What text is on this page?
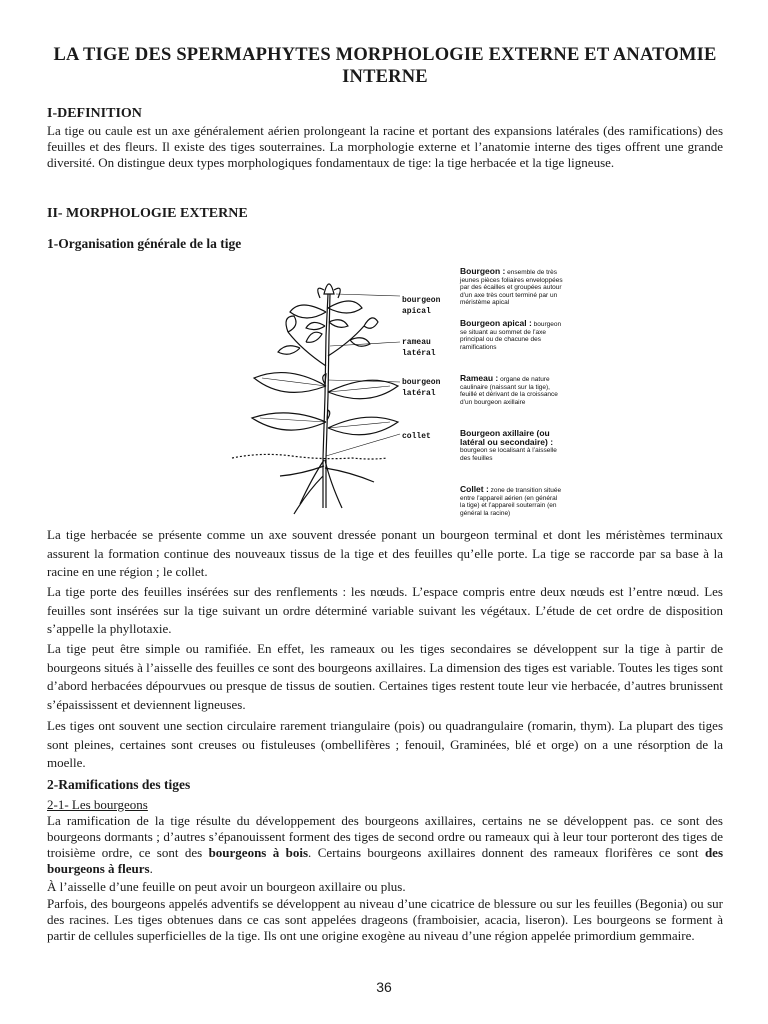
LA TIGE DES SPERMAPHYTES MORPHOLOGIE EXTERNE ET ANATOMIE INTERNE
I-DEFINITION

La tige ou caule est un axe généralement aérien prolongeant la racine et portant des expansions latérales (des ramifications) des feuilles et des fleurs. Il existe des tiges souterraines. La morphologie externe et l’anatomie interne des tiges offrent une grande diversité. On distingue deux types morphologiques fondamentaux de tige: la tige herbacée et la tige ligneuse.

II- MORPHOLOGIE EXTERNE
1-Organisation générale de la tige
bourgeon
apical
rameau
latéral
bourgeon
latéral
collet
Bourgeon : ensemble de très jeunes pièces foliaires enveloppées par des écailles et groupées autour d’un axe très court terminé par un méristème apical
Bourgeon apical : bourgeon se situant au sommet de l’axe principal ou de chacune des ramifications
Rameau : organe de nature caulinaire (naissant sur la tige), feuillé et dérivant de la croissance d’un bourgeon axillaire
Bourgeon axillaire (ou latéral ou secondaire) : bourgeon se localisant à l’aisselle des feuilles
Collet : zone de transition située entre l’appareil aérien (en général la tige) et l’appareil souterrain (en général la racine)

La tige herbacée se présente comme un axe souvent dressée ponant un bourgeon terminal et dont les méristèmes terminaux assurent la formation continue des nouveaux tissus de la tige et des feuilles qu’elle porte. La tige se raccorde par sa base à la racine en une région ; le collet.

La tige porte des feuilles insérées sur des renflements : les nœuds. L’espace compris entre deux nœuds est l’entre nœud. Les feuilles sont insérées sur la tige suivant un ordre déterminé variable suivant les végétaux. L’étude de cet ordre de disposition s’appelle la phyllotaxie.

La tige peut être simple ou ramifiée. En effet, les rameaux ou les tiges secondaires se développent sur la tige à partir de bourgeons situés à l’aisselle des feuilles ce sont des bourgeons axillaires. La dimension des tiges est variable. Toutes les tiges sont d’abord herbacées dépourvues ou presque de tissus de soutien. Certaines tiges restent toute leur vie herbacée, d’autres brunissent s’épaississent et deviennent ligneuses.

Les tiges ont souvent une section circulaire rarement triangulaire (pois) ou quadrangulaire (romarin, thym). La plupart des tiges sont pleines, certaines sont creuses ou fistuleuses (ombellifères ; fenouil, Graminées, blé et orge) on a une résorption de la moelle.

2-Ramifications des tiges
2-1- Les bourgeons

La ramification de la tige résulte du développement des bourgeons axillaires, certains ne se développent pas. ce sont des bourgeons dormants ; d’autres s’épanouissent forment des tiges de second ordre ou rameaux qui à leur tour porteront des tiges de troisième ordre, ce sont des bourgeons à bois. Certains bourgeons axillaires donnent des rameaux florifères ce sont des bourgeons à fleurs.

À l’aisselle d’une feuille on peut avoir un bourgeon axillaire ou plus.

Parfois, des bourgeons appelés adventifs se développent au niveau d’une cicatrice de blessure ou sur les feuilles (Begonia) ou sur des racines. Les tiges obtenues dans ce cas sont appelées drageons (framboisier, acacia, liseron). Les bourgeons se forment à partir de cellules superficielles de la tige. Ils ont une origine exogène au niveau d’une région appelée primordium gemmaire.

36
